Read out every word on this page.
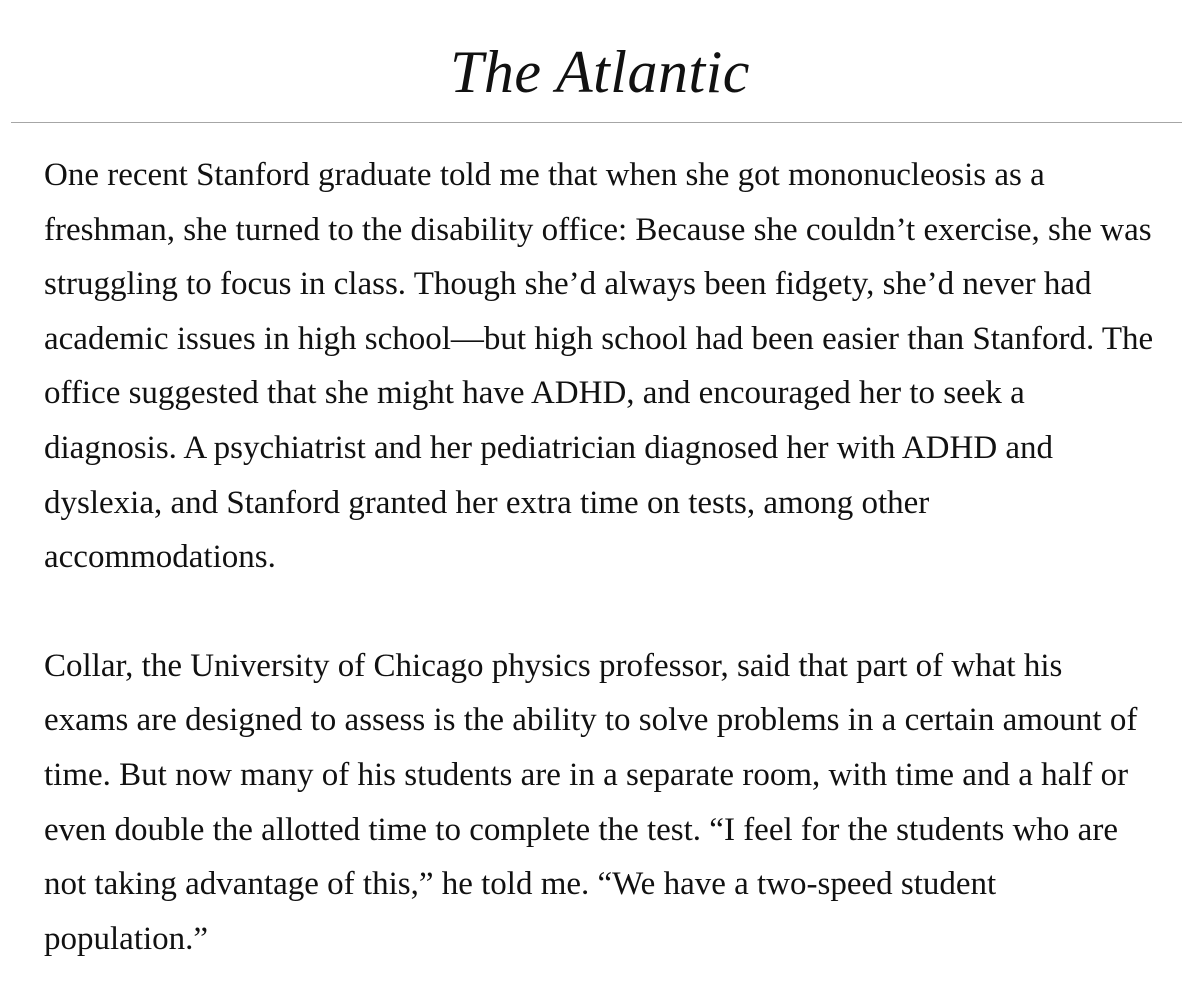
The Atlantic

One recent Stanford graduate told me that when she got mononucleosis as a freshman, she turned to the disability office: Because she couldn’t exercise, she was struggling to focus in class. Though she’d always been fidgety, she’d never had academic issues in high school—but high school had been easier than Stanford. The office suggested that she might have ADHD, and encouraged her to seek a diagnosis. A psychiatrist and her pediatrician diagnosed her with ADHD and dyslexia, and Stanford granted her extra time on tests, among other accommodations.

Collar, the University of Chicago physics professor, said that part of what his exams are designed to assess is the ability to solve problems in a certain amount of time. But now many of his students are in a separate room, with time and a half or even double the allotted time to complete the test. “I feel for the students who are not taking advantage of this,” he told me. “We have a two-speed student population.”
